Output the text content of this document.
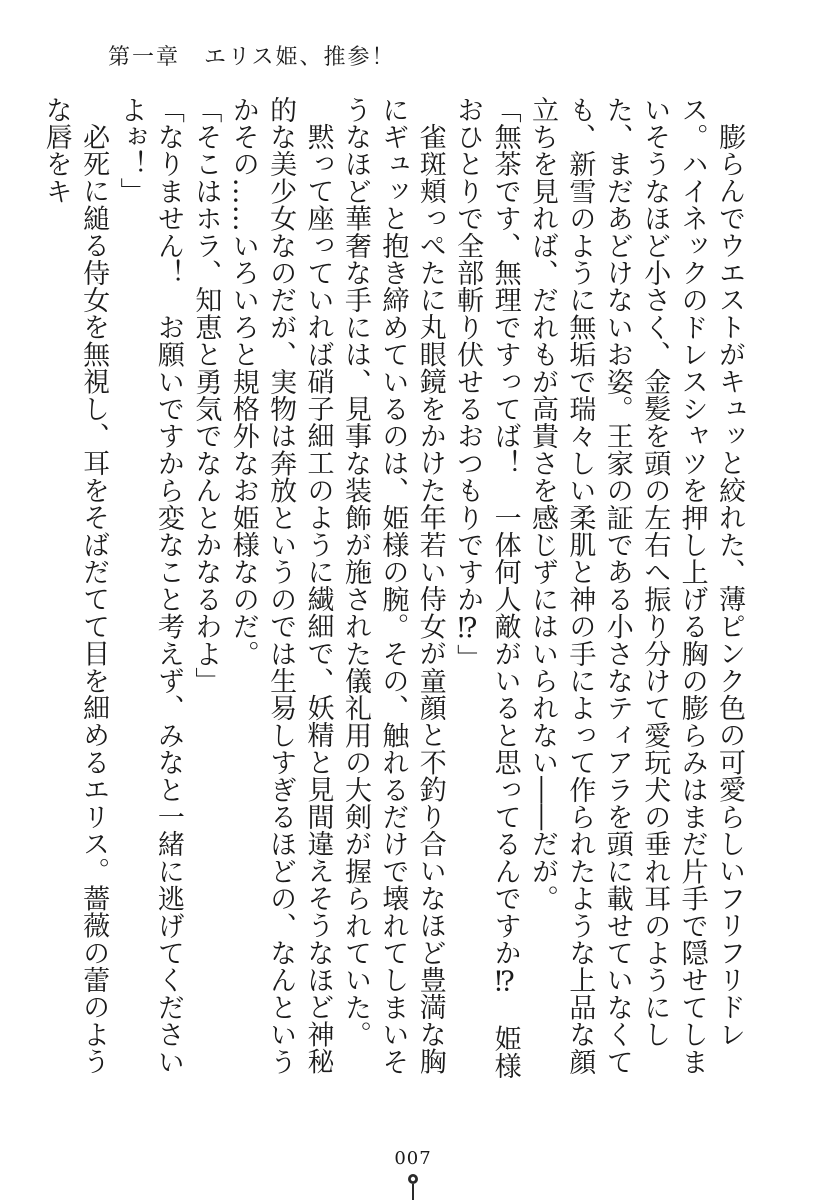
第一章　エリス姫、推参！

膨らんでウエストがキュッと絞れた、薄ピンク色の可愛らしいフリフリドレス。ハイネックのドレスシャツを押し上げる胸の膨らみはまだ片手で隠せてしまいそうなほど小さく、金髪を頭の左右へ振り分けて愛玩犬の垂れ耳のようにした、まだあどけないお姿。王家の証である小さなティアラを頭に載せていなくても、新雪のように無垢で瑞々しい柔肌と神の手によって作られたような上品な顔立ちを見れば、だれもが高貴さを感じずにはいられない――だが。

「無茶です、無理ですってば！　一体何人敵がいると思ってるんですか⁉　姫様おひとりで全部斬り伏せるおつもりですか⁉」

雀斑頬っぺたに丸眼鏡をかけた年若い侍女が童顔と不釣り合いなほど豊満な胸にギュッと抱き締めているのは、姫様の腕。その、触れるだけで壊れてしまいそうなほど華奢な手には、見事な装飾が施された儀礼用の大剣が握られていた。

黙って座っていれば硝子細工のように繊細で、妖精と見間違えそうなほど神秘的な美少女なのだが、実物は奔放というのでは生易しすぎるほどの、なんというかその……いろいろと規格外なお姫様なのだ。

「そこはホラ、知恵と勇気でなんとかなるわよ」

「なりません！　お願いですから変なこと考えず、みなと一緒に逃げてくださいよぉ！」

必死に縋る侍女を無視し、耳をそばだてて目を細めるエリス。薔薇の蕾のような唇をキ

007
